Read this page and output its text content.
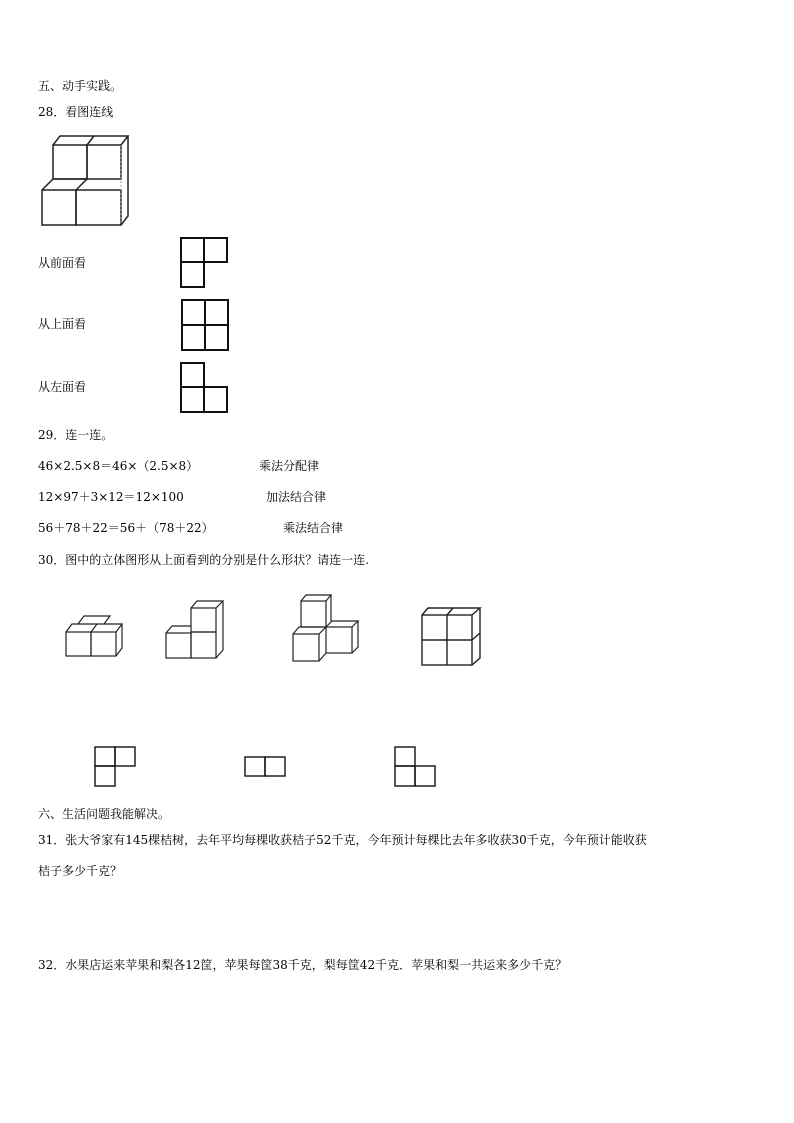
五、动手实践。
28．看图连线
从前面看
从上面看
从左面看
29．连一连。
46×2.5×8＝46×（2.5×8）
12×97＋3×12＝12×100
56＋78＋22＝56＋（78＋22）
乘法分配律
加法结合律
乘法结合律
30．图中的立体图形从上面看到的分别是什么形状？请连一连.
六、生活问题我能解决。
31．张大爷家有145棵桔树，去年平均每棵收获桔子52千克，今年预计每棵比去年多收获30千克，今年预计能收获
桔子多少千克？
32．水果店运来苹果和梨各12筐，苹果每筐38千克，梨每筐42千克．苹果和梨一共运来多少千克？
